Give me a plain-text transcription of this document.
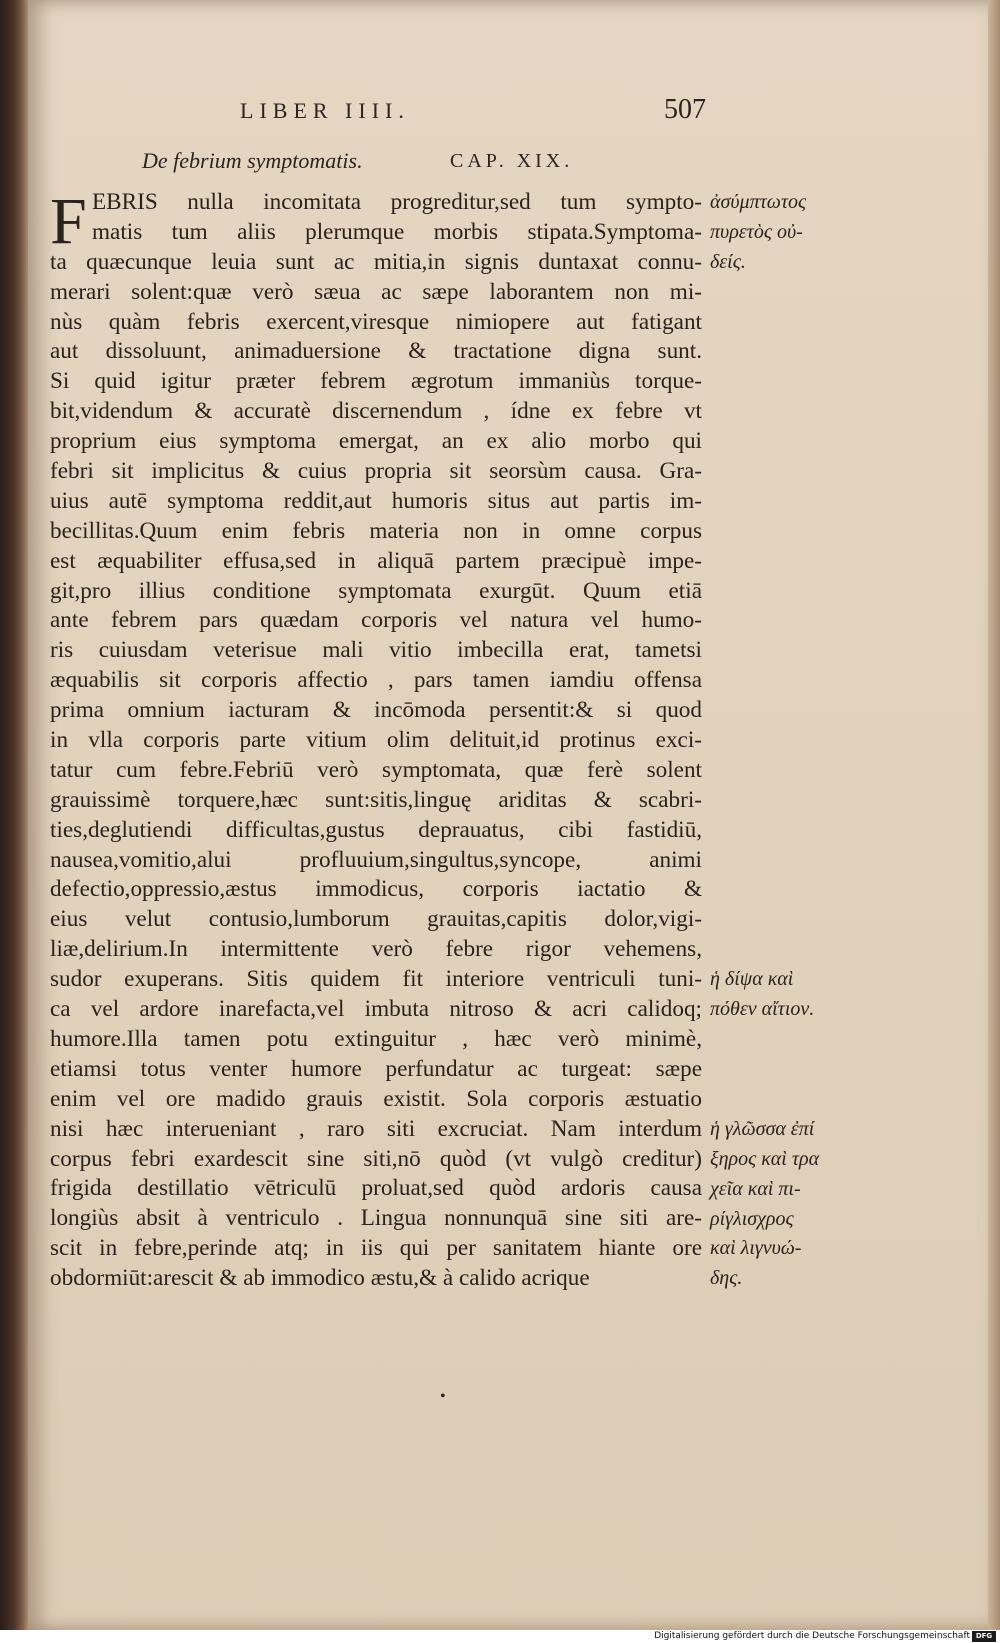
LIBER IIII.	507
De febrium symptomatis.	CAP. XIX.
F EBRIS nulla incomitata progreditur,sed tum sympto-
matis tum aliis plerumque morbis stipata.Symptoma-
ta quæcunque leuia sunt ac mitia,in signis duntaxat connu-
merari solent:quæ verò sæua ac sæpe laborantem non mi-
nùs quàm febris exercent,viresque nimiopere aut fatigant
aut dissoluunt, animaduersione & tractatione digna sunt.
Si quid igitur præter febrem ægrotum immaniùs torque-
bit,videndum & accuratè discernendum , ídne ex febre vt
proprium eius symptoma emergat, an ex alio morbo qui
febri sit implicitus & cuius propria sit seorsùm causa. Gra-
uius autē symptoma reddit,aut humoris situs aut partis im-
becillitas.Quum enim febris materia non in omne corpus
est æquabiliter effusa,sed in aliquā partem præcipuè impe-
git,pro illius conditione symptomata exurgūt. Quum etiā
ante febrem pars quædam corporis vel natura vel humo-
ris cuiusdam veterisue mali vitio imbecilla erat, tametsi
æquabilis sit corporis affectio , pars tamen iamdiu offensa
prima omnium iacturam & incōmoda persentit:& si quod
in vlla corporis parte vitium olim delituit,id protinus exci-
tatur cum febre.Febriū verò symptomata, quæ ferè solent
grauissimè torquere,hæc sunt:sitis,linguę ariditas & scabri-
ties,deglutiendi difficultas,gustus deprauatus, cibi fastidiū,
nausea,vomitio,alui profluuium,singultus,syncope, animi
defectio,oppressio,æstus immodicus, corporis iactatio &
eius velut contusio,lumborum grauitas,capitis dolor,vigi-
liæ,delirium.In intermittente verò febre rigor vehemens,
sudor exuperans. Sitis quidem fit interiore ventriculi tuni-
ca vel ardore inarefacta,vel imbuta nitroso & acri calidoq;
humore.Illa tamen potu extinguitur , hæc verò minimè,
etiamsi totus venter humore perfundatur ac turgeat: sæpe
enim vel ore madido grauis existit. Sola corporis æstuatio
nisi hæc interueniant , raro siti excruciat. Nam interdum
corpus febri exardescit sine siti,nō quòd (vt vulgò creditur)
frigida destillatio vētriculū proluat,sed quòd ardoris causa
longiùs absit à ventriculo . Lingua nonnunquā sine siti are-
scit in febre,perinde atq; in iis qui per sanitatem hiante ore
obdormiūt:arescit & ab immodico æstu,& à calido acrique
ἀσύμπτωτος
πυρετὸς οὐ-
δείς.
ἡ δίψα καὶ
πόθεν αἴτιον.
ἡ γλῶσσα ἐπί
ξηρος καὶ τρα
χεῖα καὶ πι-
ρίγλισχρος
καὶ λιγνυώ-
δης.
•
Digitalisierung gefördert durch die Deutsche Forschungsgemeinschaft DFG
